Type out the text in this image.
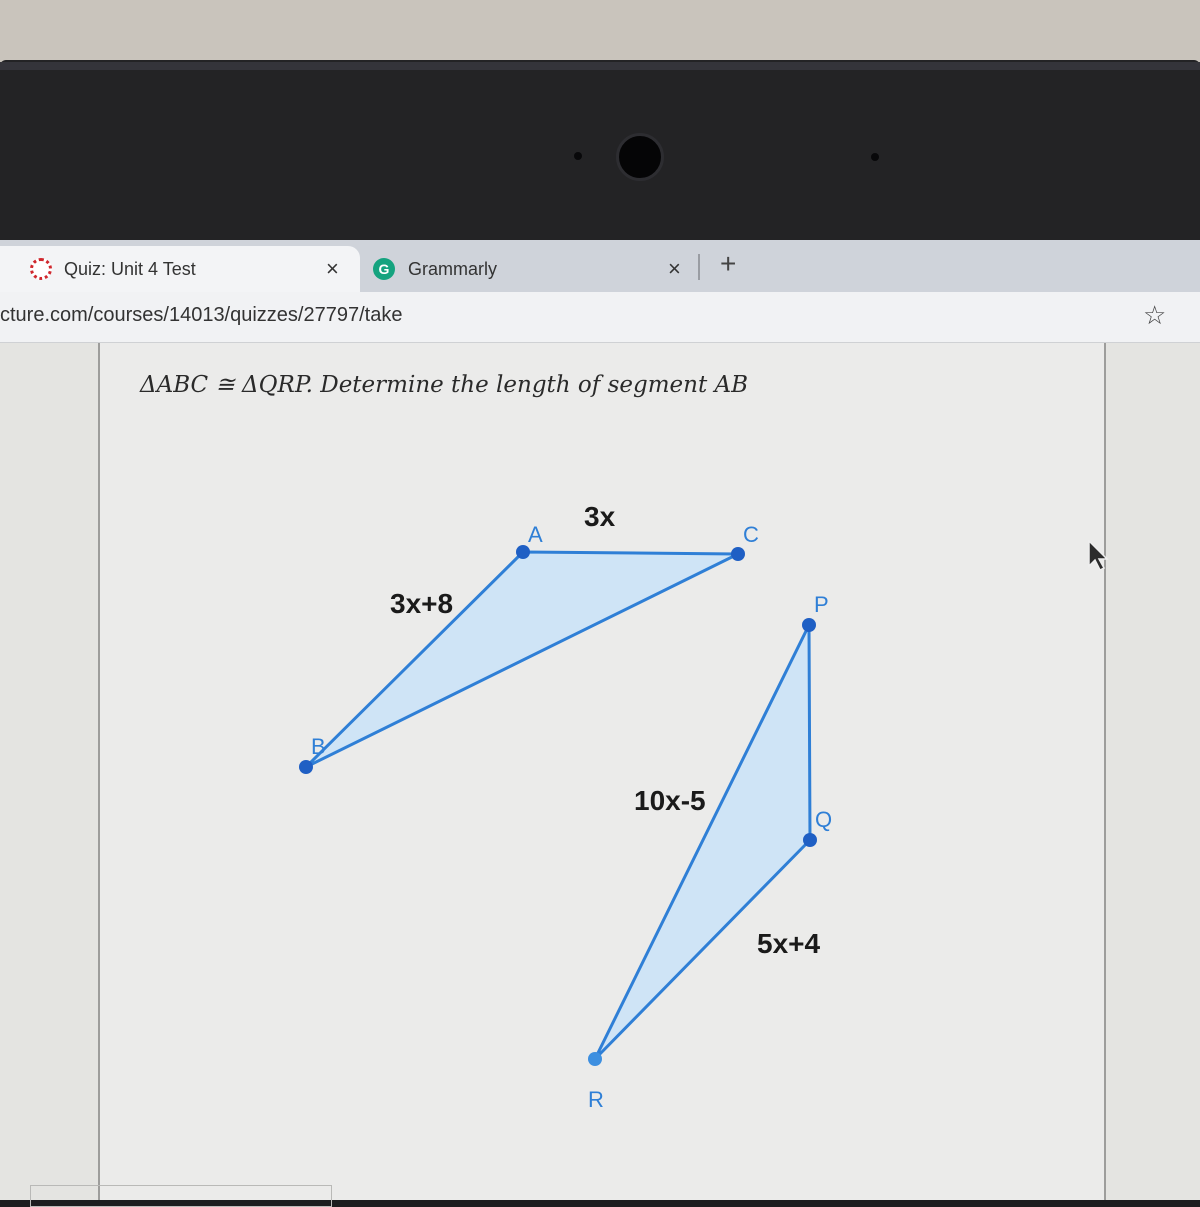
Quiz: Unit 4 Test	×	G	Grammarly	× +
cture.com/courses/14013/quizzes/27797/take	☆
ΔABC ≅ ΔQRP. Determine the length of segment AB
A	C
B
3x
3x+8	P
Q
R
10x-5
5x+4
